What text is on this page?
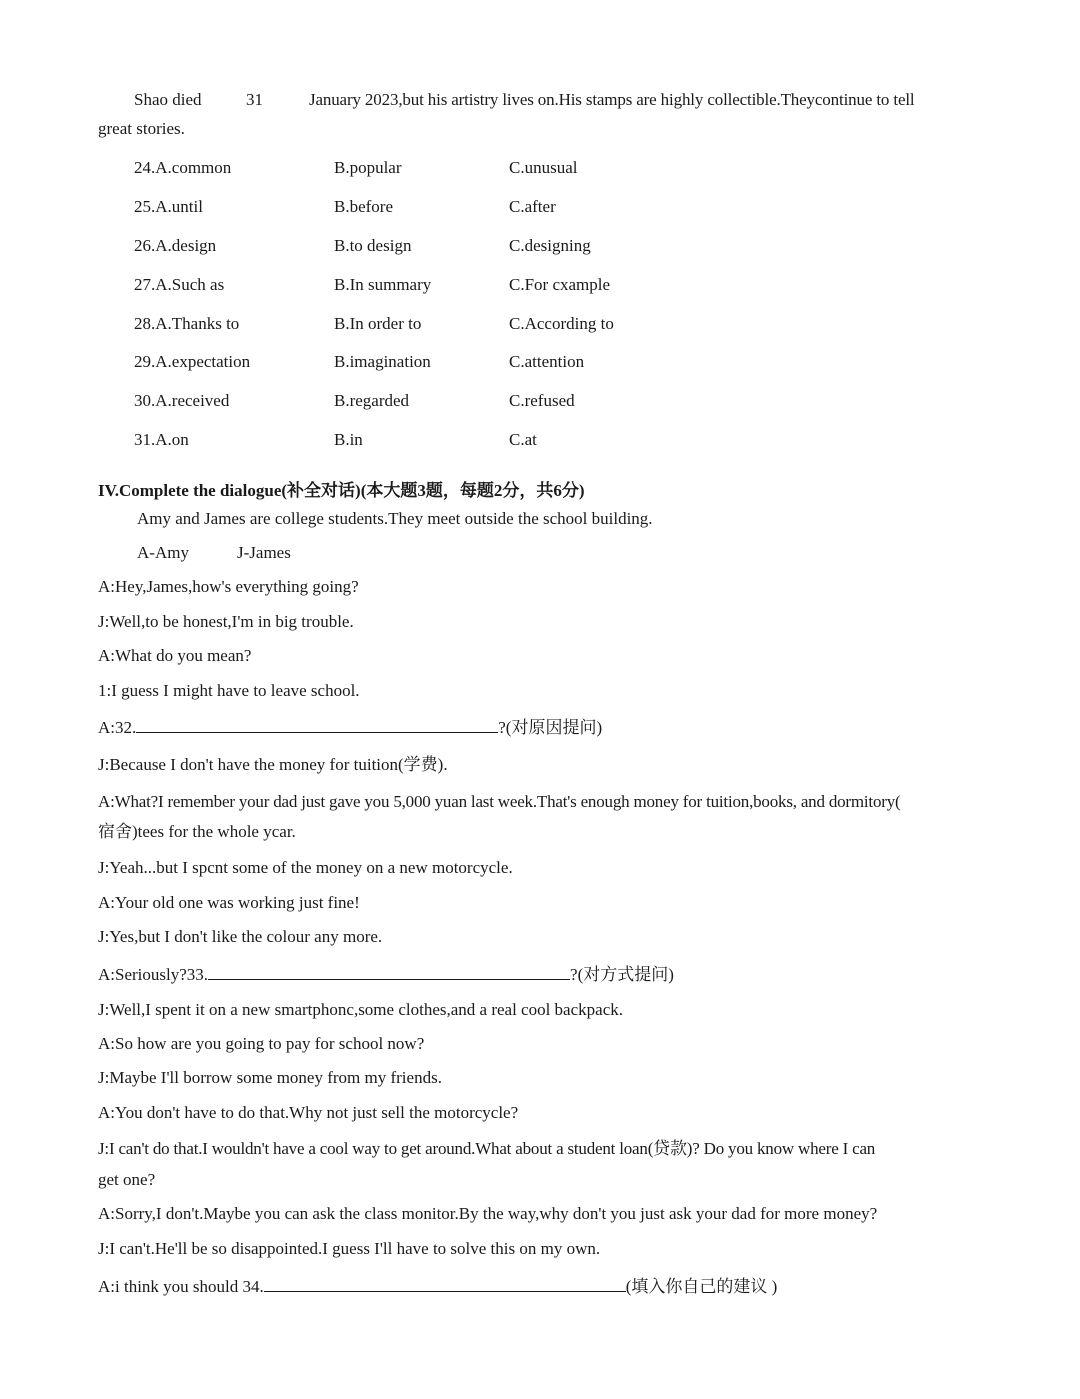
Shao died	31	January 2023,but his artistry lives on.His stamps are highly collectible.Theycontinue to tell
great stories.
24.A.common	B.popular	C.unusual
25.A.until	B.before	C.after
26.A.design	B.to design	C.designing
27.A.Such as	B.In summary	C.For cxample
28.A.Thanks to	B.In order to	C.According to
29.A.expectation	B.imagination	C.attention
30.A.received	B.regarded	C.refused
31.A.on	B.in	C.at
IV.Complete the dialogue(补全对话)(本大题3题，每题2分，共6分)
Amy and James are college students.They meet outside the school building.
A-Amy	J-James
A:Hey,James,how's everything going?
J:Well,to be honest,I'm in big trouble.
A:What do you mean?
1:I guess I might have to leave school.
A:32.	?(对原因提问)
J:Because I don't have the money for tuition(学费).
A:What?I remember your dad just gave you 5,000 yuan last week.That's enough money for tuition,books, and dormitory(
宿舍)tees for the whole ycar.
J:Yeah...but I spcnt some of the money on a new motorcycle.
A:Your old one was working just fine!
J:Yes,but I don't like the colour any more.
A:Seriously?33.	?(对方式提问)
J:Well,I spent it on a new smartphonc,some clothes,and a real cool backpack.
A:So how are you going to pay for school now?
J:Maybe I'll borrow some money from my friends.
A:You don't have to do that.Why not just sell the motorcycle?
J:I can't do that.I wouldn't have a cool way to get around.What about a student loan(贷款)? Do you know where I can
get one?
A:Sorry,I don't.Maybe you can ask the class monitor.By the way,why don't you just ask your dad for more money?
J:I can't.He'll be so disappointed.I guess I'll have to solve this on my own.
A:i think you should 34.	(填入你自己的建议 )
